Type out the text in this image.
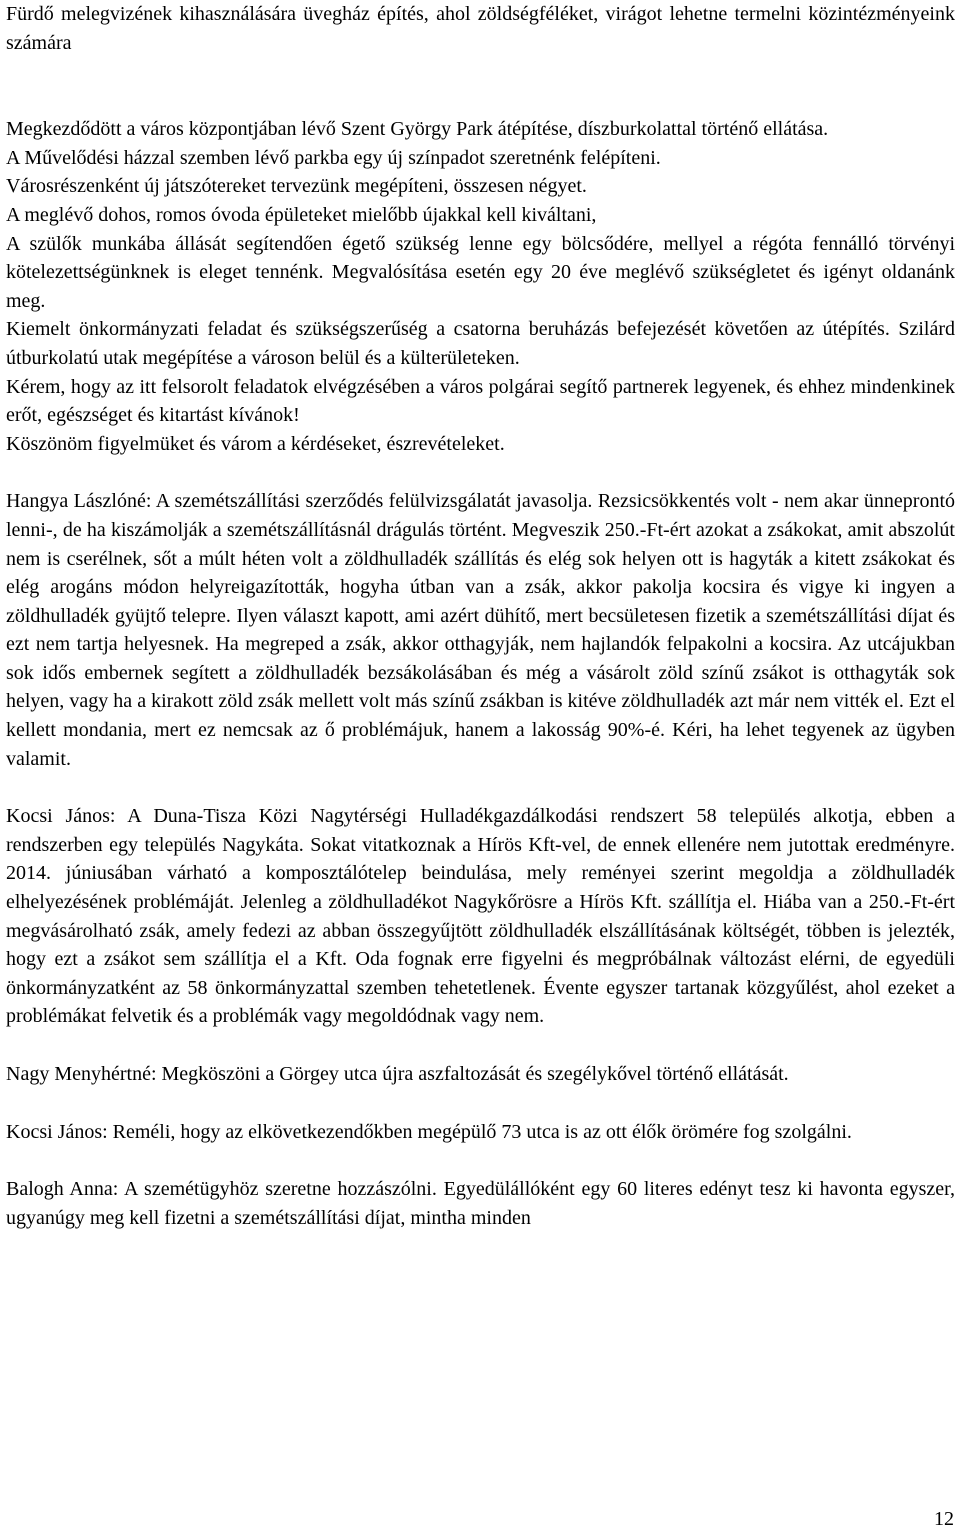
Fürdő melegvizének kihasználására üvegház építés, ahol zöldségféléket, virágot lehetne termelni közintézményeink számára

Megkezdődött a város központjában lévő Szent György Park átépítése, díszburkolattal történő ellátása.

A Művelődési házzal szemben lévő parkba egy új színpadot szeretnénk felépíteni.

Városrészenként új játszótereket tervezünk megépíteni, összesen négyet.

A meglévő dohos, romos óvoda épületeket mielőbb újakkal kell kiváltani,

A szülők munkába állását segítendően égető szükség lenne egy bölcsődére, mellyel a régóta fennálló törvényi kötelezettségünknek is eleget tennénk. Megvalósítása esetén egy 20 éve meglévő szükségletet és igényt oldanánk meg.

Kiemelt önkormányzati feladat és szükségszerűség a csatorna beruházás befejezését követően az útépítés. Szilárd útburkolatú utak megépítése a városon belül és a külterületeken.

Kérem, hogy az itt felsorolt feladatok elvégzésében a város polgárai segítő partnerek legyenek, és ehhez mindenkinek erőt, egészséget és kitartást kívánok!

Köszönöm figyelmüket és várom a kérdéseket, észrevételeket.

Hangya Lászlóné: A szemétszállítási szerződés felülvizsgálatát javasolja. Rezsicsökkentés volt - nem akar ünneprontó lenni-, de ha kiszámolják a szemétszállításnál drágulás történt. Megveszik 250.-Ft-ért azokat a zsákokat, amit abszolút nem is cserélnek, sőt a múlt héten volt a zöldhulladék szállítás és elég sok helyen ott is hagyták a kitett zsákokat és elég arogáns módon helyreigazították, hogyha útban van a zsák, akkor pakolja kocsira és vigye ki ingyen a zöldhulladék gyüjtő telepre. Ilyen választ kapott, ami azért dühítő, mert becsületesen fizetik a szemétszállítási díjat és ezt nem tartja helyesnek. Ha megreped a zsák, akkor otthagyják, nem hajlandók felpakolni a kocsira. Az utcájukban sok idős embernek segített a zöldhulladék bezsákolásában és még a vásárolt zöld színű zsákot is otthagyták sok helyen, vagy ha a kirakott zöld zsák mellett volt más színű zsákban is kitéve zöldhulladék azt már nem vitték el. Ezt el kellett mondania, mert ez nemcsak az ő problémájuk, hanem a lakosság 90%-é. Kéri, ha lehet tegyenek az ügyben valamit.

Kocsi János: A Duna-Tisza Közi Nagytérségi Hulladékgazdálkodási rendszert 58 település alkotja, ebben a rendszerben egy település Nagykáta. Sokat vitatkoznak a Hírös Kft-vel, de ennek ellenére nem jutottak eredményre. 2014. júniusában várható a komposztálótelep beindulása, mely reményei szerint megoldja a zöldhulladék elhelyezésének problémáját. Jelenleg a zöldhulladékot Nagykőrösre a Hírös Kft. szállítja el. Hiába van a 250.-Ft-ért megvásárolható zsák, amely fedezi az abban összegyűjtött zöldhulladék elszállításának költségét, többen is jelezték, hogy ezt a zsákot sem szállítja el a Kft. Oda fognak erre figyelni és megpróbálnak változást elérni, de egyedüli önkormányzatként az 58 önkormányzattal szemben tehetetlenek. Évente egyszer tartanak közgyűlést, ahol ezeket a problémákat felvetik és a problémák vagy megoldódnak vagy nem.

Nagy Menyhértné: Megköszöni a Görgey utca újra aszfaltozását és szegélykővel történő ellátását.

Kocsi János: Reméli, hogy az elkövetkezendőkben megépülő 73 utca is az ott élők örömére fog szolgálni.

Balogh Anna: A szemétügyhöz szeretne hozzászólni. Egyedülállóként egy 60 literes edényt tesz ki havonta egyszer, ugyanúgy meg kell fizetni a szemétszállítási díjat, mintha minden

12
